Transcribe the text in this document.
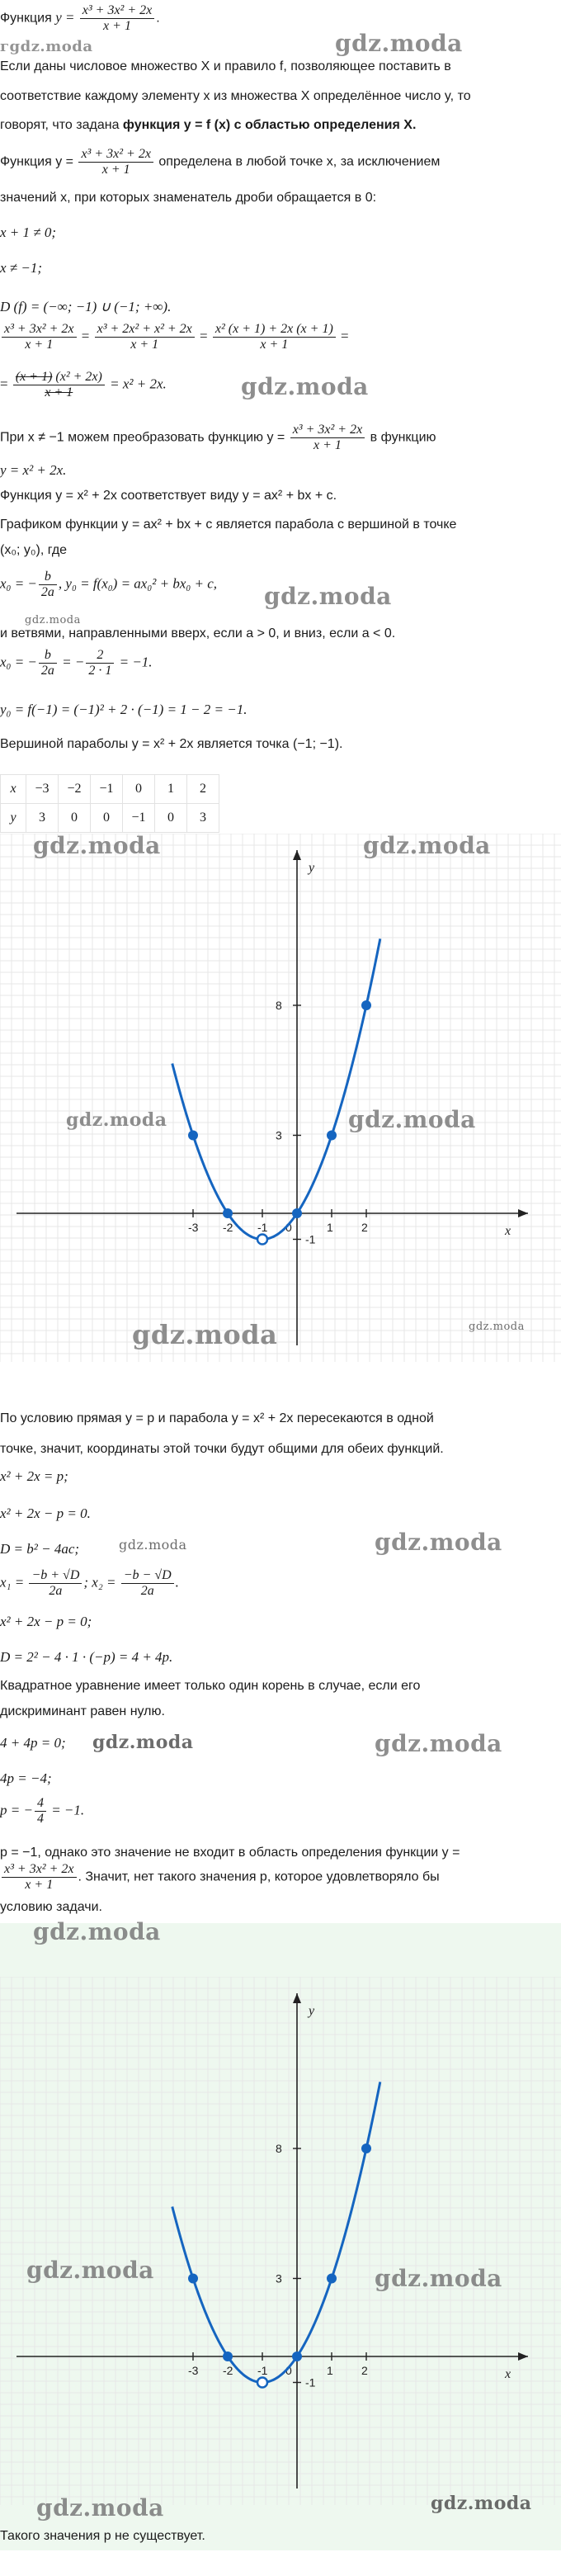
Функция $y = \frac{\text{x³ + 3x² + 2x}}{x + 1}$ .
Если даны числовое множество X и правило f, позволяющее поставить в
соответствие каждому элементу x из множества X определённое число y, то
говорят, что задана функция y = f (x) с областью определения X.
Функция $y = \frac{\text{x³ + 3x² + 2x}}{x + 1}$ определена в любой точке x, за исключением
значений x, при которых знаменатель дроби обращается в 0:
x + 1 ≠ 0;
x ≠ −1;
D (f) = (−∞; −1) ∪ (−1; +∞).
$\frac{\text{x³ + 3x² + 2x}}{x + 1} = \frac{\text{x³ + 2x² + x² + 2x}}{x + 1} = \frac{\text{x² (x + 1) + 2x (x + 1)}}{x + 1}$ =
= $\frac{\text{(x + 1) (x² + 2x)}}{x + 1} = x^2 + 2x$.
При x ≠ −1 можем преобразовать функцию $y = \frac{\text{x³ + 3x² + 2x}}{x + 1}$ в функцию
y = x² + 2x.
Функция y = x² + 2x соответствует виду y = ax² + bx + c.
Графиком функции y = ax² + bx + c является парабола с вершиной в точке
(x₀; y₀), где
x₀ = − $\frac{b}{2a}$ , y₀ = f(x₀) = ax₀² + bx₀ + c,
и ветвями, направленными вверх, если a > 0, и вниз, если a < 0.
x₀ = − $\frac{b}{2a}$ = − $\frac{2}{2 \cdot 1} = -1$.
y₀ = f(−1) = (−1)² + 2 · (−1) = 1 − 2 = −1.
Вершиной параболы y = x² + 2x является точка (−1; −1).
x	−3	−2	−1	0	1	2
y	3	0	0	−1	0	3
x
y
-3 -2 -1 0	1 2
8
3
-1
По условию прямая y = p и парабола y = x² + 2x пересекаются в одной
точке, значит, координаты этой точки будут общими для обеих функций.
x² + 2x = p;
x² + 2x − p = 0.
D = b² − 4ac;
$x_1 = \frac{-b + √D}{2a}$ ; $x_2 = \frac{-b - √D}{2a}$ .
x² + 2x − p = 0;
D = 2² − 4 · 1 · (−p) = 4 + 4p.
Квадратное уравнение имеет только один корень в случае, если его
дискриминант равен нулю.
4 + 4p = 0;
4p = −4;
p = − $\frac{4}{4} = -1$.
p = −1, однако это значение не входит в область определения функции y =
$\frac{\text{x³ + 3x² + 2x}}{x + 1}$ . Значит, нет такого значения p, которое удовлетворяло бы
условию задачи.
x
y
-3 -2 -1 0	1 2
8
3
-1
Такого значения p не существует.
гgdz.moda	gdz.moda
gdz.moda
gdz.moda
gdz.moda
gdz.moda	gdz.moda
gdz.moda	gdz.moda
gdz.moda	gdz.moda
gdz.moda	gdz.moda
gdz.moda	gdz.moda
gdz.moda
gdz.moda	gdz.moda
gdz.moda	gdz.moda
